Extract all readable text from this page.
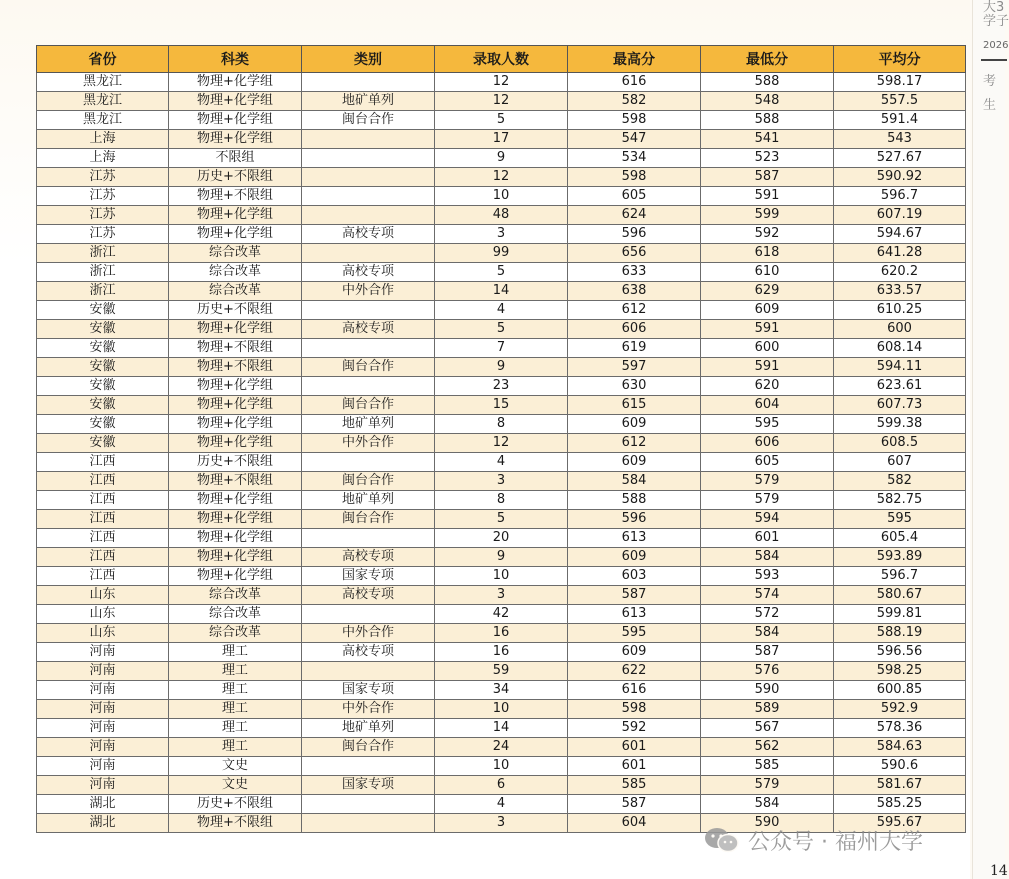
大3
学子
2026
考
生
省份	科类	类别	录取人数	最高分	最低分	平均分
黑龙江	物理+化学组		12	616	588	598.17
黑龙江	物理+化学组	地矿单列	12	582	548	557.5
黑龙江	物理+化学组	闽台合作	5	598	588	591.4
上海	物理+化学组		17	547	541	543
上海	不限组		9	534	523	527.67
江苏	历史+不限组		12	598	587	590.92
江苏	物理+不限组		10	605	591	596.7
江苏	物理+化学组		48	624	599	607.19
江苏	物理+化学组	高校专项	3	596	592	594.67
浙江	综合改革		99	656	618	641.28
浙江	综合改革	高校专项	5	633	610	620.2
浙江	综合改革	中外合作	14	638	629	633.57
安徽	历史+不限组		4	612	609	610.25
安徽	物理+化学组	高校专项	5	606	591	600
安徽	物理+不限组		7	619	600	608.14
安徽	物理+不限组	闽台合作	9	597	591	594.11
安徽	物理+化学组		23	630	620	623.61
安徽	物理+化学组	闽台合作	15	615	604	607.73
安徽	物理+化学组	地矿单列	8	609	595	599.38
安徽	物理+化学组	中外合作	12	612	606	608.5
江西	历史+不限组		4	609	605	607
江西	物理+不限组	闽台合作	3	584	579	582
江西	物理+化学组	地矿单列	8	588	579	582.75
江西	物理+化学组	闽台合作	5	596	594	595
江西	物理+化学组		20	613	601	605.4
江西	物理+化学组	高校专项	9	609	584	593.89
江西	物理+化学组	国家专项	10	603	593	596.7
山东	综合改革	高校专项	3	587	574	580.67
山东	综合改革		42	613	572	599.81
山东	综合改革	中外合作	16	595	584	588.19
河南	理工	高校专项	16	609	587	596.56
河南	理工		59	622	576	598.25
河南	理工	国家专项	34	616	590	600.85
河南	理工	中外合作	10	598	589	592.9
河南	理工	地矿单列	14	592	567	578.36
河南	理工	闽台合作	24	601	562	584.63
河南	文史		10	601	585	590.6
河南	文史	国家专项	6	585	579	581.67
湖北	历史+不限组		4	587	584	585.25
湖北	物理+不限组		3	604	590	595.67
公众号 · 福州大学
14
